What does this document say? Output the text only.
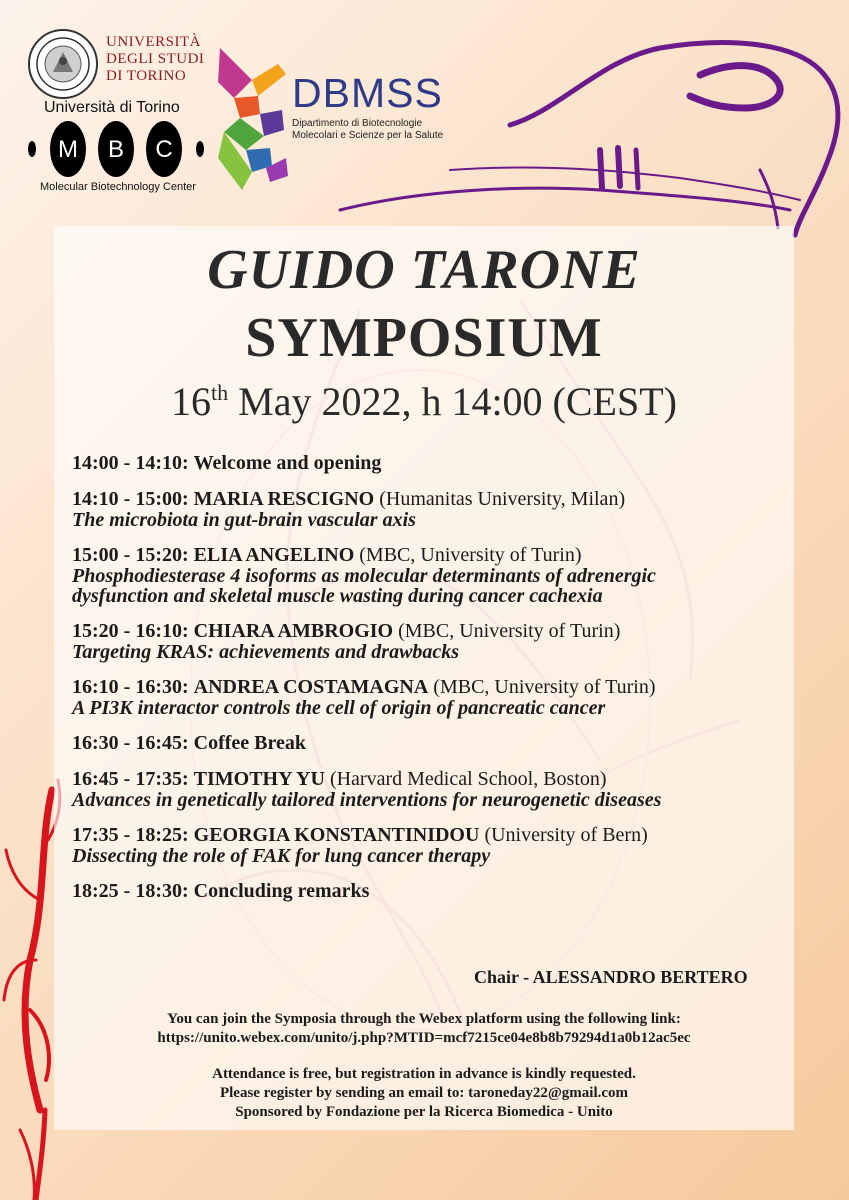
UNIVERSITÀ
DEGLI STUDI
DI TORINO
Università di Torino
M B C
Molecular Biotechnology Center
DBMSS
Dipartimento di Biotecnologie
Molecolari e Scienze per la Salute
GUIDO TARONE
SYMPOSIUM
16th May 2022, h 14:00 (CEST)
14:00 - 14:10: Welcome and opening
14:10 - 15:00: MARIA RESCIGNO (Humanitas University, Milan)
The microbiota in gut-brain vascular axis
15:00 - 15:20: ELIA ANGELINO (MBC, University of Turin)
Phosphodiesterase 4 isoforms as molecular determinants of adrenergic
dysfunction and skeletal muscle wasting during cancer cachexia
15:20 - 16:10: CHIARA AMBROGIO (MBC, University of Turin)
Targeting KRAS: achievements and drawbacks
16:10 - 16:30: ANDREA COSTAMAGNA (MBC, University of Turin)
A PI3K interactor controls the cell of origin of pancreatic cancer
16:30 - 16:45: Coffee Break
16:45 - 17:35: TIMOTHY YU (Harvard Medical School, Boston)
Advances in genetically tailored interventions for neurogenetic diseases
17:35 - 18:25: GEORGIA KONSTANTINIDOU (University of Bern)
Dissecting the role of FAK for lung cancer therapy
18:25 - 18:30: Concluding remarks
Chair - ALESSANDRO BERTERO
You can join the Symposia through the Webex platform using the following link:
https://unito.webex.com/unito/j.php?MTID=mcf7215ce04e8b8b79294d1a0b12ac5ec
Attendance is free, but registration in advance is kindly requested.
Please register by sending an email to: taroneday22@gmail.com
Sponsored by Fondazione per la Ricerca Biomedica - Unito
